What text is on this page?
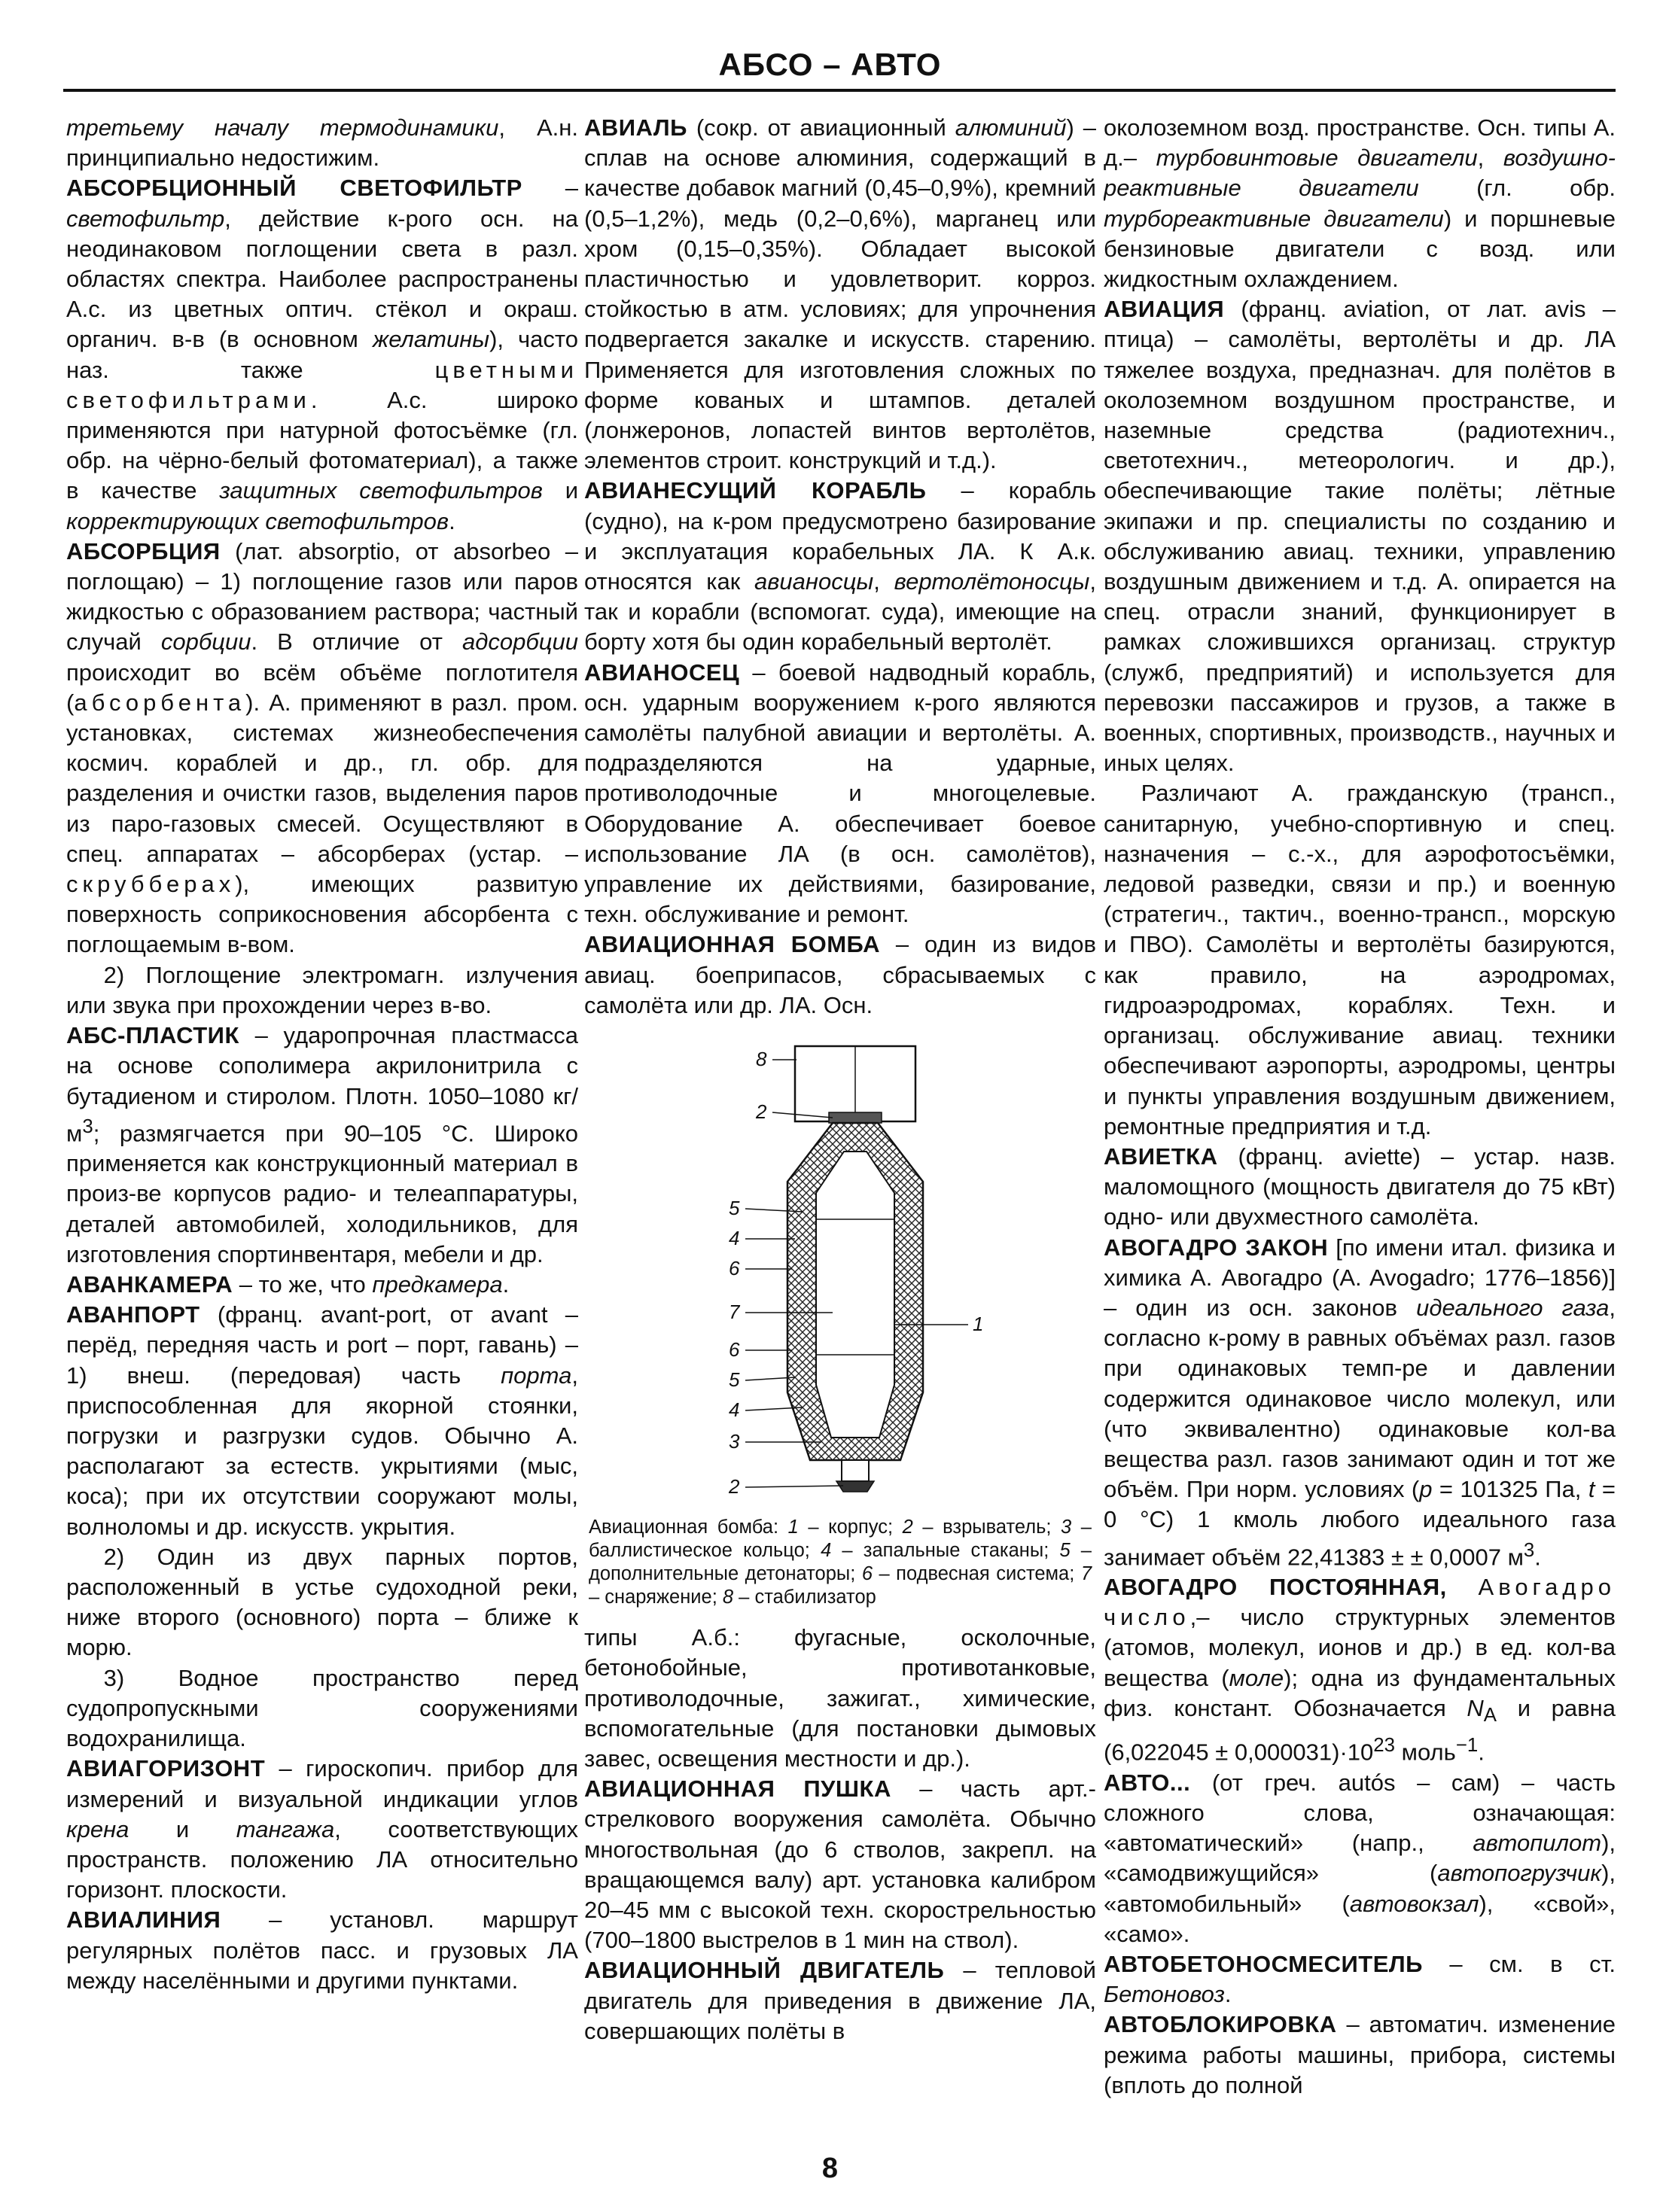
АБСО – АВТО

третьему началу термодинамики, А.н. принципиально недостижим.

АБСОРБЦИОННЫЙ СВЕТОФИЛЬТР – светофильтр, действие к-рого осн. на неодинаковом поглощении света в разл. областях спектра. Наиболее распространены А.с. из цветных оптич. стёкол и окраш. органич. в-в (в основном желатины), часто наз. также цветными светофильтрами. А.с. широко применяются при натурной фотосъёмке (гл. обр. на чёрно-белый фотоматериал), а также в качестве защитных светофильтров и корректирующих светофильтров.

АБСОРБЦИЯ (лат. absorptio, от absorbeo – поглощаю) – 1) поглощение газов или паров жидкостью с образованием раствора; частный случай сорбции. В отличие от адсорбции происходит во всём объёме поглотителя (абсорбента). А. применяют в разл. пром. установках, системах жизнеобеспечения космич. кораблей и др., гл. обр. для разделения и очистки газов, выделения паров из паро-газовых смесей. Осуществляют в спец. аппаратах – абсорберах (устар. – скрубберах), имеющих развитую поверхность соприкосновения абсорбента с поглощаемым в-вом.

2) Поглощение электромагн. излучения или звука при прохождении через в-во.

АБС-ПЛАСТИК – ударопрочная пластмасса на основе сополимера акрилонитрила с бутадиеном и стиролом. Плотн. 1050–1080 $кг/м^3$; размягчается при 90–105 °С. Широко применяется как конструкционный материал в произ-ве корпусов радио- и телеаппаратуры, деталей автомобилей, холодильников, для изготовления спортинвентаря, мебели и др.

АВАНКАМЕРА – то же, что предкамера.

АВАНПОРТ (франц. avant-port, от avant – перёд, передняя часть и port – порт, гавань) – 1) внеш. (передовая) часть порта, приспособленная для якорной стоянки, погрузки и разгрузки судов. Обычно А. располагают за естеств. укрытиями (мыс, коса); при их отсутствии сооружают молы, волноломы и др. искусств. укрытия.

2) Один из двух парных портов, расположенный в устье судоходной реки, ниже второго (основного) порта – ближе к морю.

3) Водное пространство перед судопропускными сооружениями водохранилища.

АВИАГОРИЗОНТ – гироскопич. прибор для измерений и визуальной индикации углов крена и тангажа, соответствующих пространств. положению ЛА относительно горизонт. плоскости.

АВИАЛИНИЯ – установл. маршрут регулярных полётов пасс. и грузовых ЛА между населёнными и другими пунктами.

АВИАЛЬ (сокр. от авиационный алюминий) – сплав на основе алюминия, содержащий в качестве добавок магний (0,45–0,9%), кремний (0,5–1,2%), медь (0,2–0,6%), марганец или хром (0,15–0,35%). Обладает высокой пластичностью и удовлетворит. корроз. стойкостью в атм. условиях; для упрочнения подвергается закалке и искусств. старению. Применяется для изготовления сложных по форме кованых и штампов. деталей (лонжеронов, лопастей винтов вертолётов, элементов строит. конструкций и т.д.).

АВИАНЕСУЩИЙ КОРАБЛЬ – корабль (судно), на к-ром предусмотрено базирование и эксплуатация корабельных ЛА. К А.к. относятся как авианосцы, вертолётоносцы, так и корабли (вспомогат. суда), имеющие на борту хотя бы один корабельный вертолёт.

АВИАНОСЕЦ – боевой надводный корабль, осн. ударным вооружением к-рого являются самолёты палубной авиации и вертолёты. А. подразделяются на ударные, противолодочные и многоцелевые. Оборудование А. обеспечивает боевое использование ЛА (в осн. самолётов), управление их действиями, базирование, техн. обслуживание и ремонт.

АВИАЦИОННАЯ БОМБА – один из видов авиац. боеприпасов, сбрасываемых с самолёта или др. ЛА. Осн.

8
2
5
4
6
7
6
5
4
3
2
1
Авиационная бомба: 1 – корпус; 2 – взрыватель; 3 – баллистическое кольцо; 4 – запальные стаканы; 5 – дополнительные детонаторы; 6 – подвесная система; 7 – снаряжение; 8 – стабилизатор

типы А.б.: фугасные, осколочные, бетонобойные, противотанковые, противолодочные, зажигат., химические, вспомогательные (для постановки дымовых завес, освещения местности и др.).

АВИАЦИОННАЯ ПУШКА – часть арт.-стрелкового вооружения самолёта. Обычно многоствольная (до 6 стволов, закрепл. на вращающемся валу) арт. установка калибром 20–45 мм с высокой техн. скорострельностью (700–1800 выстрелов в 1 мин на ствол).

АВИАЦИОННЫЙ ДВИГАТЕЛЬ – тепловой двигатель для приведения в движение ЛА, совершающих полёты в

околоземном возд. пространстве. Осн. типы А. д.– турбовинтовые двигатели, воздушно-реактивные двигатели (гл. обр. турбореактивные двигатели) и поршневые бензиновые двигатели с возд. или жидкостным охлаждением.

АВИАЦИЯ (франц. aviation, от лат. avis – птица) – самолёты, вертолёты и др. ЛА тяжелее воздуха, предназнач. для полётов в околоземном воздушном пространстве, и наземные средства (радиотехнич., светотехнич., метеорологич. и др.), обеспечивающие такие полёты; лётные экипажи и пр. специалисты по созданию и обслуживанию авиац. техники, управлению воздушным движением и т.д. А. опирается на спец. отрасли знаний, функционирует в рамках сложившихся организац. структур (служб, предприятий) и используется для перевозки пассажиров и грузов, а также в военных, спортивных, производств., научных и иных целях.

Различают А. гражданскую (трансп., санитарную, учебно-спортивную и спец. назначения – с.-х., для аэрофотосъёмки, ледовой разведки, связи и пр.) и военную (стратегич., тактич., военно-трансп., морскую и ПВО). Самолёты и вертолёты базируются, как правило, на аэродромах, гидроаэродромах, кораблях. Техн. и организац. обслуживание авиац. техники обеспечивают аэропорты, аэродромы, центры и пункты управления воздушным движением, ремонтные предприятия и т.д.

АВИЕТКА (франц. aviette) – устар. назв. маломощного (мощность двигателя до 75 кВт) одно- или двухместного самолёта.

АВОГАДРО ЗАКОН [по имени итал. физика и химика А. Авогадро (A. Avogadro; 1776–1856)] – один из осн. законов идеального газа, согласно к-рому в равных объёмах разл. газов при одинаковых темп-ре и давлении содержится одинаковое число молекул, или (что эквивалентно) одинаковые кол-ва вещества разл. газов занимают один и тот же объём. При норм. условиях (p = 101325 Па, t = 0 °С) 1 кмоль любого идеального газа занимает объём 22,41383 ± ± 0,0007 $м^3$.

АВОГАДРО ПОСТОЯННАЯ, Авогадро число,– число структурных элементов (атомов, молекул, ионов и др.) в ед. кол-ва вещества (моле); одна из фундаментальных физ. констант. Обозначается $N_A$ и равна $(6,022045 \pm 0,000031)\cdot 10^{23}$ моль$^{-1}$.

АВТО... (от греч. autós – сам) – часть сложного слова, означающая: «автоматический» (напр., автопилот), «самодвижущийся» (автопогрузчик), «автомобильный» (автовокзал), «свой», «само».

АВТОБЕТОНОСМЕСИТЕЛЬ – см. в ст. Бетоновоз.

АВТОБЛОКИРОВКА – автоматич. изменение режима работы машины, прибора, системы (вплоть до полной

8
